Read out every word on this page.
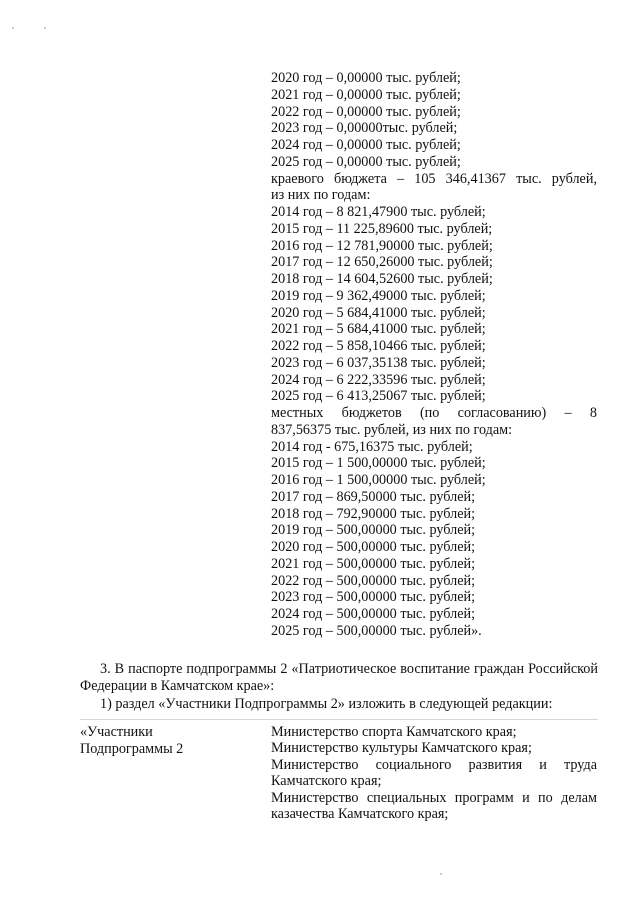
2020 год – 0,00000 тыс. рублей;
2021 год – 0,00000 тыс. рублей;
2022 год – 0,00000 тыс. рублей;
2023 год – 0,00000тыс. рублей;
2024 год – 0,00000 тыс. рублей;
2025 год – 0,00000 тыс. рублей;
краевого бюджета – 105 346,41367 тыс. рублей,
из них по годам:
2014 год – 8 821,47900 тыс. рублей;
2015 год – 11 225,89600 тыс. рублей;
2016 год – 12 781,90000 тыс. рублей;
2017 год – 12 650,26000 тыс. рублей;
2018 год – 14 604,52600 тыс. рублей;
2019 год – 9 362,49000 тыс. рублей;
2020 год – 5 684,41000 тыс. рублей;
2021 год – 5 684,41000 тыс. рублей;
2022 год – 5 858,10466 тыс. рублей;
2023 год – 6 037,35138 тыс. рублей;
2024 год – 6 222,33596 тыс. рублей;
2025 год – 6 413,25067 тыс. рублей;
местных бюджетов (по согласованию) – 8
837,56375 тыс. рублей, из них по годам:
2014 год - 675,16375 тыс. рублей;
2015 год – 1 500,00000 тыс. рублей;
2016 год – 1 500,00000 тыс. рублей;
2017 год – 869,50000 тыс. рублей;
2018 год – 792,90000 тыс. рублей;
2019 год – 500,00000 тыс. рублей;
2020 год – 500,00000 тыс. рублей;
2021 год – 500,00000 тыс. рублей;
2022 год – 500,00000 тыс. рублей;
2023 год – 500,00000 тыс. рублей;
2024 год – 500,00000 тыс. рублей;
2025 год – 500,00000 тыс. рублей».
3. В паспорте подпрограммы 2 «Патриотическое воспитание граждан Российской Федерации в Камчатском крае»:
1) раздел «Участники Подпрограммы 2» изложить в следующей редакции:
«Участники
Подпрограммы 2
Министерство спорта Камчатского края;
Министерство культуры Камчатского края;
Министерство социального развития и труда Камчатского края;
Министерство специальных программ и по делам казачества Камчатского края;
